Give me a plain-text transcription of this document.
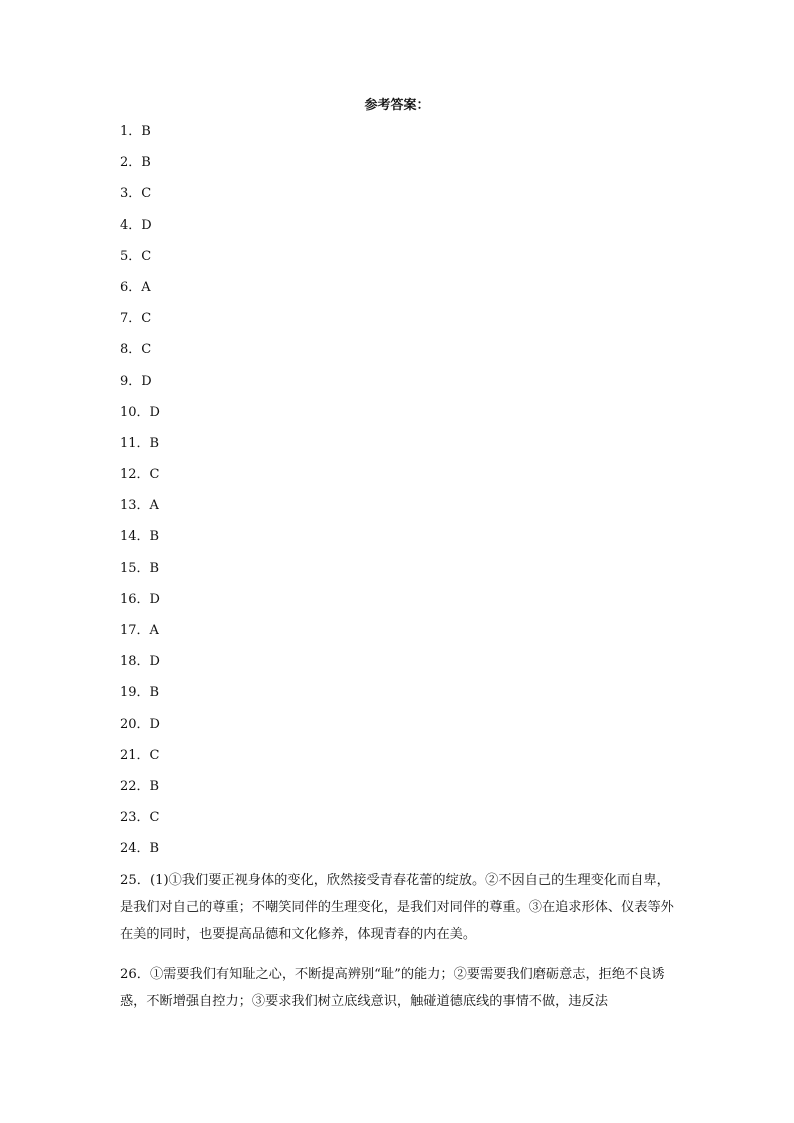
参考答案：
1．B
2．B
3．C
4．D
5．C
6．A
7．C
8．C
9．D
10．D
11．B
12．C
13．A
14．B
15．B
16．D
17．A
18．D
19．B
20．D
21．C
22．B
23．C
24．B

25．(1)①我们要正视身体的变化，欣然接受青春花蕾的绽放。②不因自己的生理变化而自卑，是我们对自己的尊重；不嘲笑同伴的生理变化，是我们对同伴的尊重。③在追求形体、仪表等外在美的同时，也要提高品德和文化修养，体现青春的内在美。

26．①需要我们有知耻之心，不断提高辨别“耻”的能力；②要需要我们磨砺意志，拒绝不良诱惑，不断增强自控力；③要求我们树立底线意识，触碰道德底线的事情不做，违反法
